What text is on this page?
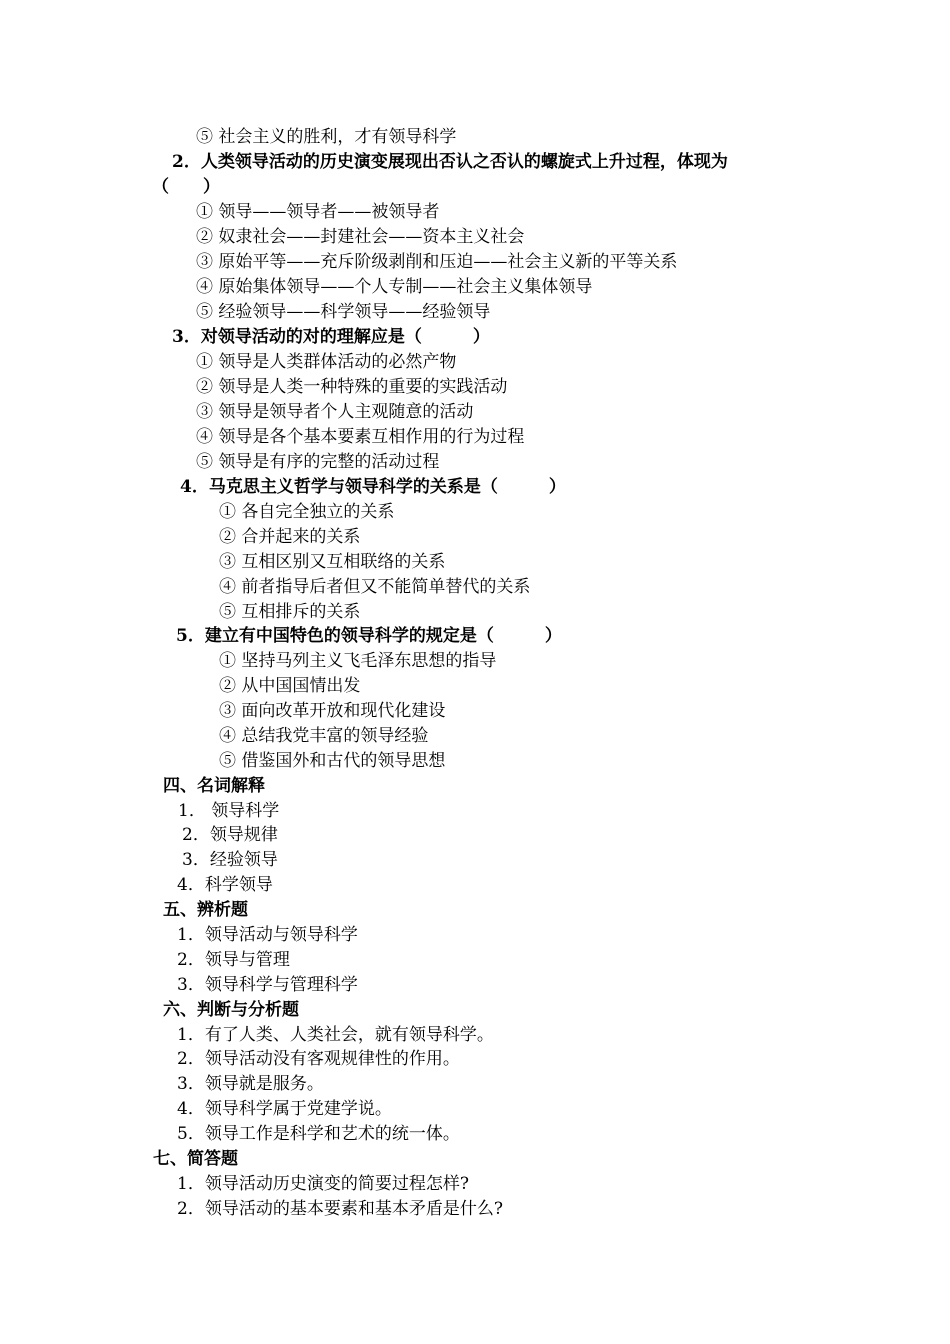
⑤ 社会主义的胜利，才有领导科学
2．人类领导活动的历史演变展现出否认之否认的螺旋式上升过程，体现为
（　　）
① 领导——领导者——被领导者
② 奴隶社会——封建社会——资本主义社会
③ 原始平等——充斥阶级剥削和压迫——社会主义新的平等关系
④ 原始集体领导——个人专制——社会主义集体领导
⑤ 经验领导——科学领导——经验领导
3．对领导活动的对的理解应是（　　　）
① 领导是人类群体活动的必然产物
② 领导是人类一种特殊的重要的实践活动
③ 领导是领导者个人主观随意的活动
④ 领导是各个基本要素互相作用的行为过程
⑤ 领导是有序的完整的活动过程
4．马克思主义哲学与领导科学的关系是（　　　）
① 各自完全独立的关系
② 合并起来的关系
③ 互相区别又互相联络的关系
④ 前者指导后者但又不能简单替代的关系
⑤ 互相排斥的关系
5．建立有中国特色的领导科学的规定是（　　　）
① 坚持马列主义飞毛泽东思想的指导
② 从中国国情出发
③ 面向改革开放和现代化建设
④ 总结我党丰富的领导经验
⑤ 借鉴国外和古代的领导思想
四、名词解释
1． 领导科学
2．领导规律
3．经验领导
4．科学领导
五、辨析题
1．领导活动与领导科学
2．领导与管理
3．领导科学与管理科学
六、判断与分析题
1．有了人类、人类社会，就有领导科学。
2．领导活动没有客观规律性的作用。
3．领导就是服务。
4．领导科学属于党建学说。
5．领导工作是科学和艺术的统一体。
七、简答题
1．领导活动历史演变的简要过程怎样?
2．领导活动的基本要素和基本矛盾是什么?
